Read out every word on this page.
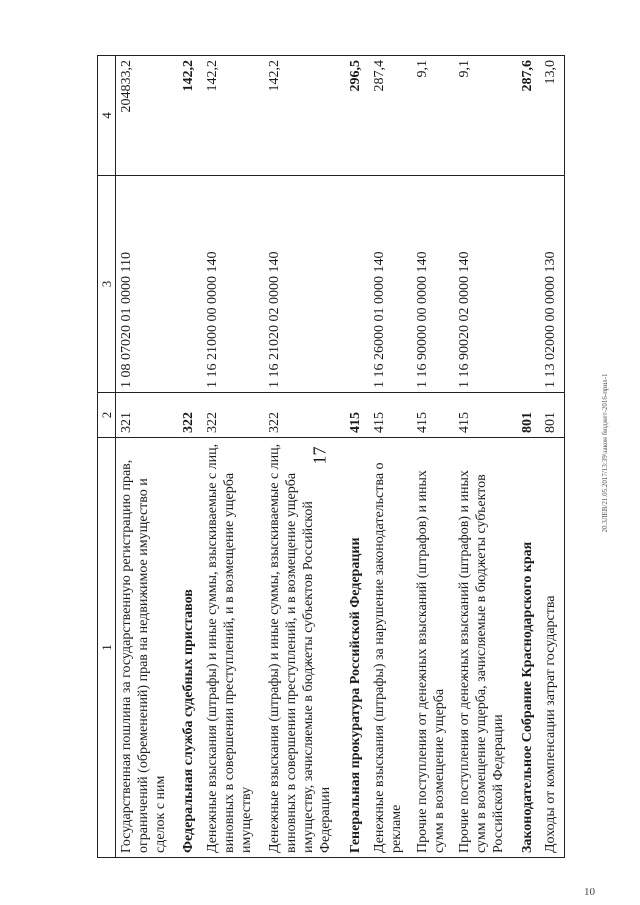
17
1	2	3	4
Государственная пошлина за государственную регистрацию прав, ограничений (обременений) прав на недвижимое имущество и сделок с ним	321	1 08 07020 01 0000 110	204833,2
Федеральная служба судебных приставов	322		142,2
Денежные взыскания (штрафы) и иные суммы, взыскиваемые с лиц, виновных в совершении преступлений, и в возмещение ущерба имуществу	322	1 16 21000 00 0000 140	142,2
Денежные взыскания (штрафы) и иные суммы, взыскиваемые с лиц, виновных в совершении преступлений, и в возмещение ущерба имуществу, зачисляемые в бюджеты субъектов Российской Федерации	322	1 16 21020 02 0000 140	142,2
Генеральная прокуратура Российской Федерации	415		296,5
Денежные взыскания (штрафы) за нарушение законодательства о рекламе	415	1 16 26000 01 0000 140	287,4
Прочие поступления от денежных взысканий (штрафов) и иных сумм в возмещение ущерба	415	1 16 90000 00 0000 140	9,1
Прочие поступления от денежных взысканий (штрафов) и иных сумм в возмещение ущерба, зачисляемые в бюджеты субъектов Российской Федерации	415	1 16 90020 02 0000 140	9,1
Законодательное Собрание Краснодарского края	801		287,6
Доходы от компенсации затрат государства	801	1 13 02000 00 0000 130	13,0
20.3ЛЕВ/21.05.2017/13:39\закон бюджет-2016-прил-1
10
